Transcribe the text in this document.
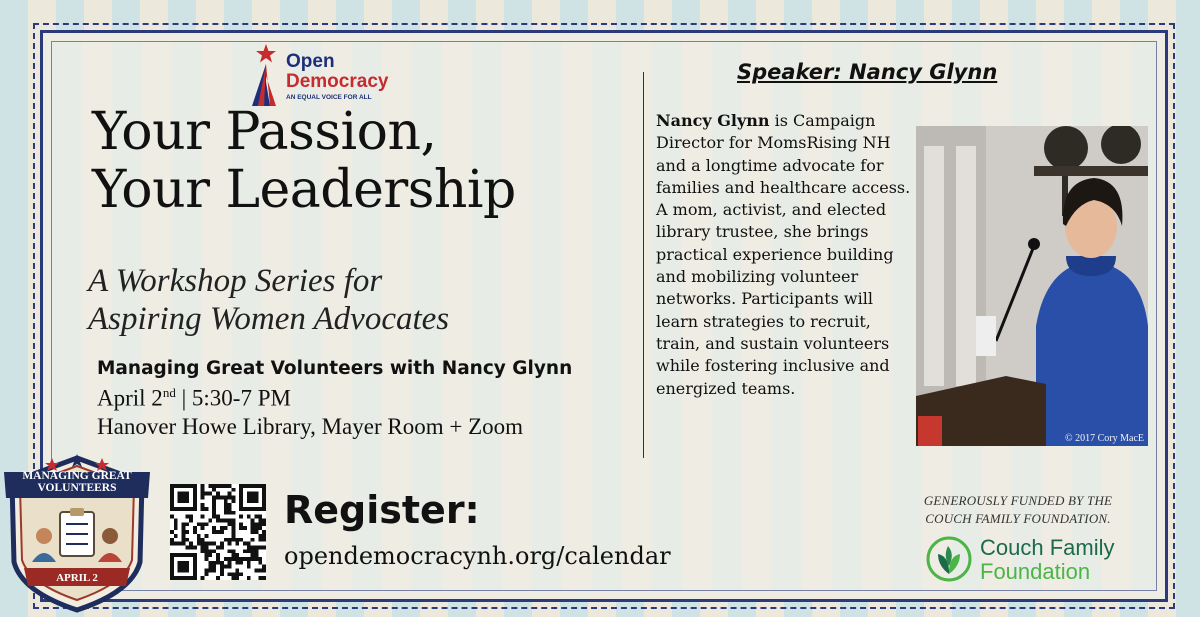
Open
Democracy
AN EQUAL VOICE FOR ALL
Your Passion,
Your Leadership
A Workshop Series for
Aspiring Women Advocates
Managing Great Volunteers with Nancy Glynn
April 2nd | 5:30-7 PM
Hanover Howe Library, Mayer Room + Zoom
Speaker: Nancy Glynn
Nancy Glynn is Campaign Director for MomsRising NH and a longtime advocate for families and healthcare access. A mom, activist, and elected library trustee, she brings practical experience building and mobilizing volunteer networks. Participants will learn strategies to recruit, train, and sustain volunteers while fostering inclusive and energized teams.
© 2017 Cory MacE
MANAGING GREAT
VOLUNTEERS
APRIL 2
Register:
opendemocracynh.org/calendar
GENEROUSLY FUNDED BY THE
COUCH FAMILY FOUNDATION.
Couch Family
Foundation
